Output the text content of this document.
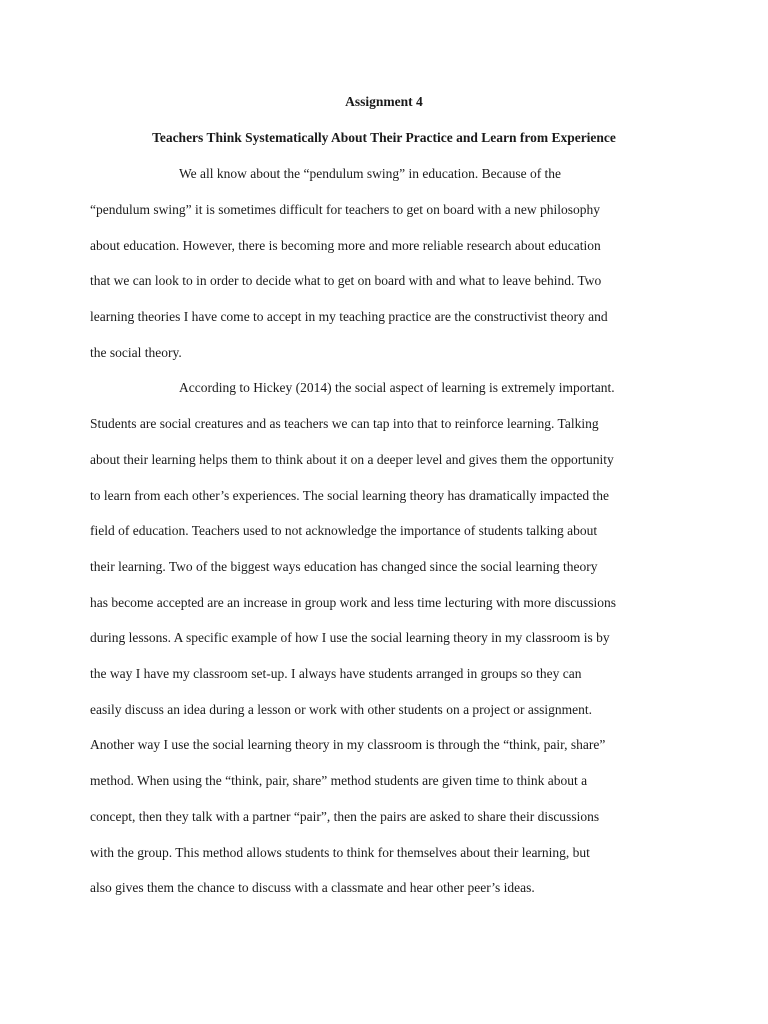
Assignment 4
Teachers Think Systematically About Their Practice and Learn from Experience

We all know about the “pendulum swing” in education. Because of the

“pendulum swing” it is sometimes difficult for teachers to get on board with a new philosophy

about education. However, there is becoming more and more reliable research about education

that we can look to in order to decide what to get on board with and what to leave behind. Two

learning theories I have come to accept in my teaching practice are the constructivist theory and

the social theory.

According to Hickey (2014) the social aspect of learning is extremely important.

Students are social creatures and as teachers we can tap into that to reinforce learning. Talking

about their learning helps them to think about it on a deeper level and gives them the opportunity

to learn from each other’s experiences. The social learning theory has dramatically impacted the

field of education. Teachers used to not acknowledge the importance of students talking about

their learning. Two of the biggest ways education has changed since the social learning theory

has become accepted are an increase in group work and less time lecturing with more discussions

during lessons. A specific example of how I use the social learning theory in my classroom is by

the way I have my classroom set-up. I always have students arranged in groups so they can

easily discuss an idea during a lesson or work with other students on a project or assignment.

Another way I use the social learning theory in my classroom is through the “think, pair, share”

method. When using the “think, pair, share” method students are given time to think about a

concept, then they talk with a partner “pair”, then the pairs are asked to share their discussions

with the group. This method allows students to think for themselves about their learning, but

also gives them the chance to discuss with a classmate and hear other peer’s ideas.
